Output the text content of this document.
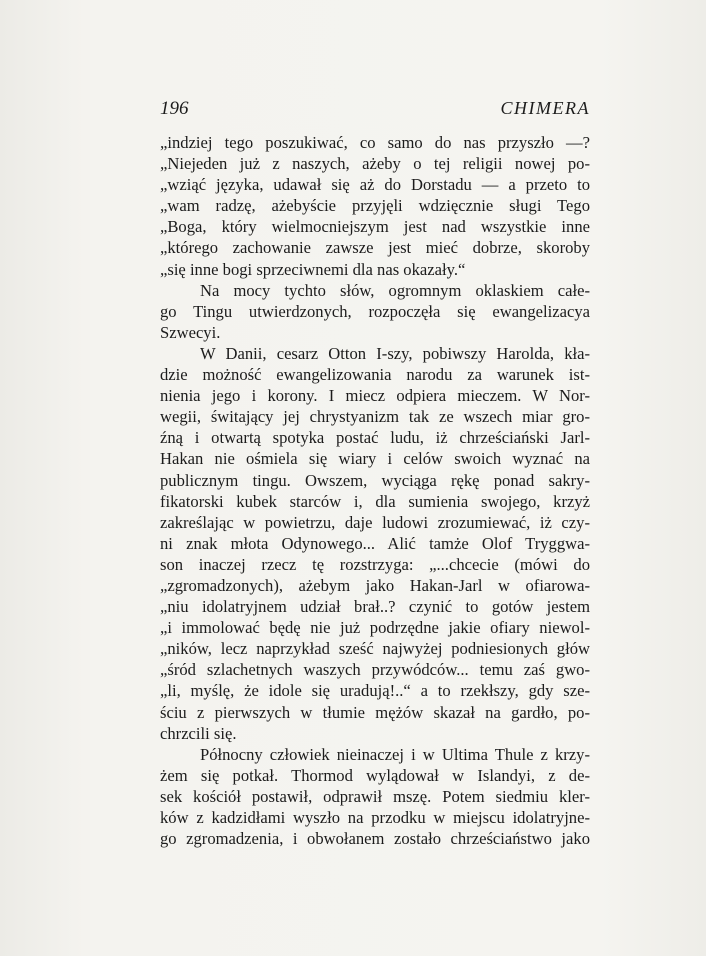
196	CHIMERA
„indziej tego poszukiwać, co samo do nas przyszło —?
„Niejeden już z naszych, ażeby o tej religii nowej po-
„wziąć języka, udawał się aż do Dorstadu — a przeto to
„wam radzę, ażebyście przyjęli wdzięcznie sługi Tego
„Boga, który wielmocniejszym jest nad wszystkie inne
„którego zachowanie zawsze jest mieć dobrze, skoroby
„się inne bogi sprzeciwnemi dla nas okazały.“
Na mocy tychto słów, ogromnym oklaskiem całe-
go Tingu utwierdzonych, rozpoczęła się ewangelizacya
Szwecyi.
W Danii, cesarz Otton I-szy, pobiwszy Harolda, kła-
dzie możność ewangelizowania narodu za warunek ist-
nienia jego i korony. I miecz odpiera mieczem. W Nor-
wegii, świtający jej chrystyanizm tak ze wszech miar gro-
źną i otwartą spotyka postać ludu, iż chrześciański Jarl-
Hakan nie ośmiela się wiary i celów swoich wyznać na
publicznym tingu. Owszem, wyciąga rękę ponad sakry-
fikatorski kubek starców i, dla sumienia swojego, krzyż
zakreślając w powietrzu, daje ludowi zrozumiewać, iż czy-
ni znak młota Odynowego... Alić tamże Olof Tryggwa-
son inaczej rzecz tę rozstrzyga: „...chcecie (mówi do
„zgromadzonych), ażebym jako Hakan-Jarl w ofiarowa-
„niu idolatryjnem udział brał..? czynić to gotów jestem
„i immolować będę nie już podrzędne jakie ofiary niewol-
„ników, lecz naprzykład sześć najwyżej podniesionych głów
„śród szlachetnych waszych przywódców... temu zaś gwo-
„li, myślę, że idole się uradują!..“ a to rzekłszy, gdy sze-
ściu z pierwszych w tłumie mężów skazał na gardło, po-
chrzcili się.
Północny człowiek nieinaczej i w Ultima Thule z krzy-
żem się potkał. Thormod wylądował w Islandyi, z de-
sek kościół postawił, odprawił mszę. Potem siedmiu kler-
ków z kadzidłami wyszło na przodku w miejscu idolatryjne-
go zgromadzenia, i obwołanem zostało chrześciaństwo jako
